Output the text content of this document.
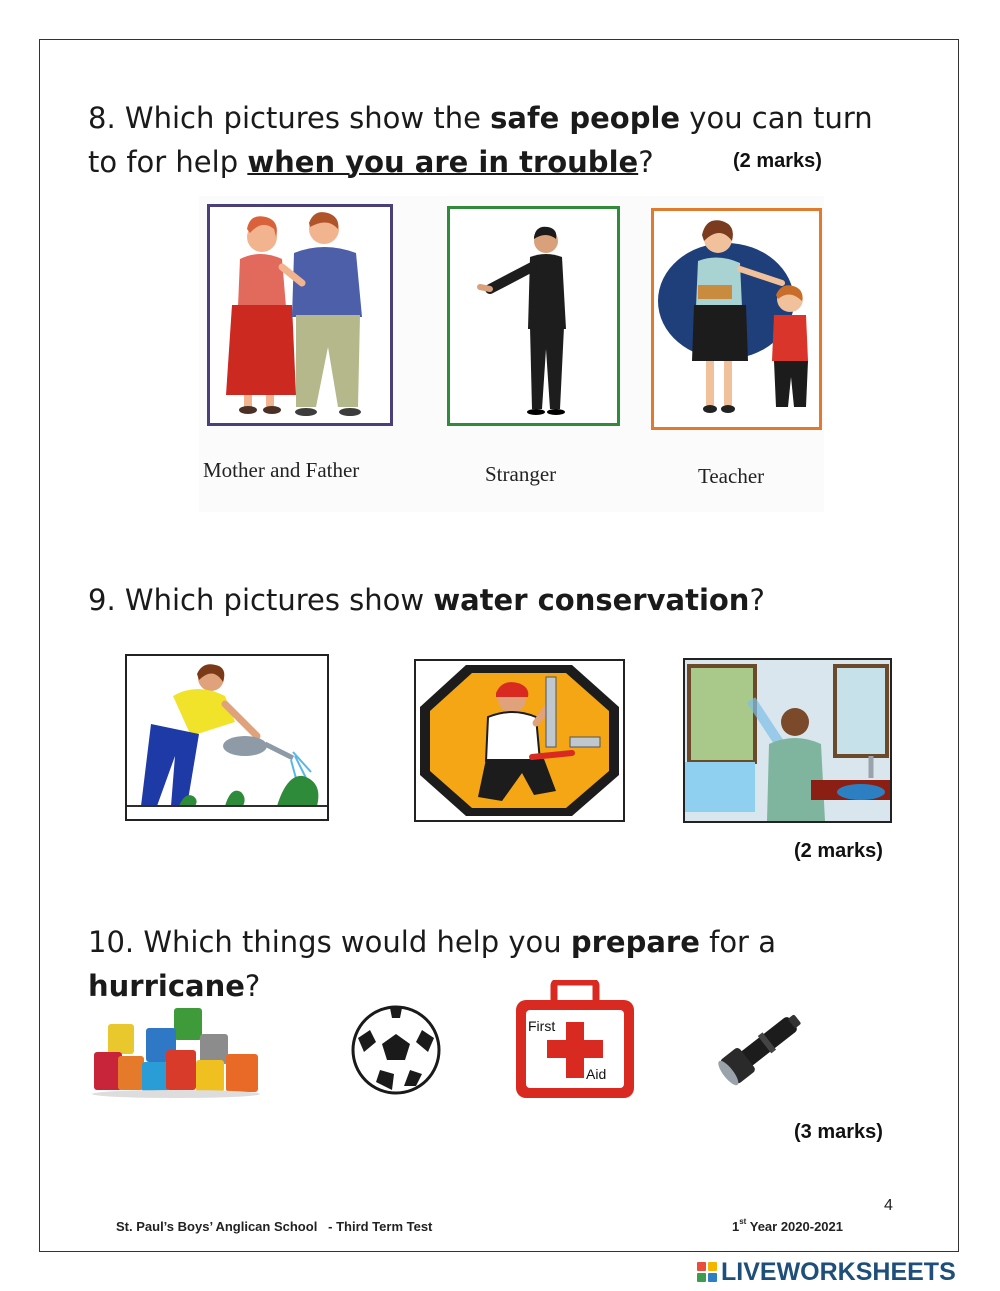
8. Which pictures show the safe people you can turn to for help when you are in trouble?	(2 marks)
Mother and Father	Stranger	Teacher
9. Which pictures show water conservation?
(2 marks)
10. Which things would help you prepare for a hurricane?
First
Aid
(3 marks)
4
St. Paul’s Boys’ Anglican School   - Third Term Test	1st Year 2020-2021
LIVEWORKSHEETS
